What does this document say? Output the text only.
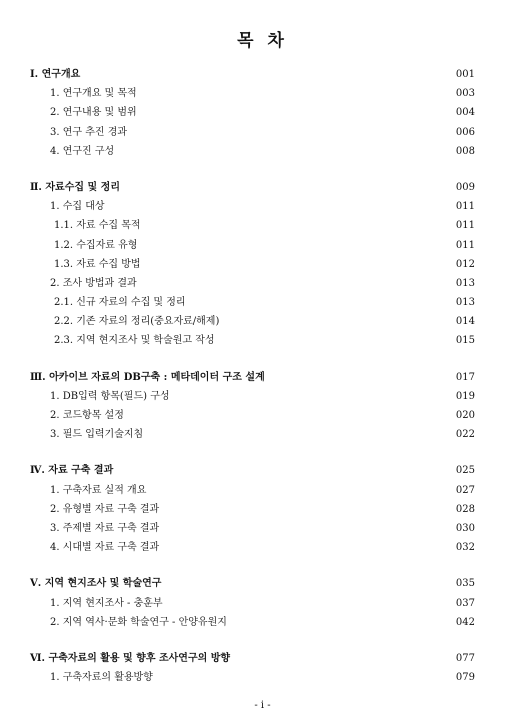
목 차
Ⅰ. 연구개요	001
1. 연구개요 및 목적	003
2. 연구내용 및 범위	004
3. 연구 추진 경과	006
4. 연구진 구성	008
Ⅱ. 자료수집 및 정리	009
1. 수집 대상	011
1.1. 자료 수집 목적	011
1.2. 수집자료 유형	011
1.3. 자료 수집 방법	012
2. 조사 방법과 결과	013
2.1. 신규 자료의 수집 및 정리	013
2.2. 기존 자료의 정리(중요자료/해제)	014
2.3. 지역 현지조사 및 학술원고 작성	015
Ⅲ. 아카이브 자료의 DB구축 : 메타데이터 구조 설계	017
1. DB입력 항목(필드) 구성	019
2. 코드항목 설정	020
3. 필드 입력기술지침	022
Ⅳ. 자료 구축 결과	025
1. 구축자료 실적 개요	027
2. 유형별 자료 구축 결과	028
3. 주제별 자료 구축 결과	030
4. 시대별 자료 구축 결과	032
Ⅴ. 지역 현지조사 및 학술연구	035
1. 지역 현지조사 - 충훈부	037
2. 지역 역사·문화 학술연구 - 안양유원지	042
Ⅵ. 구축자료의 활용 및 향후 조사연구의 방향	077
1. 구축자료의 활용방향	079
- i -
